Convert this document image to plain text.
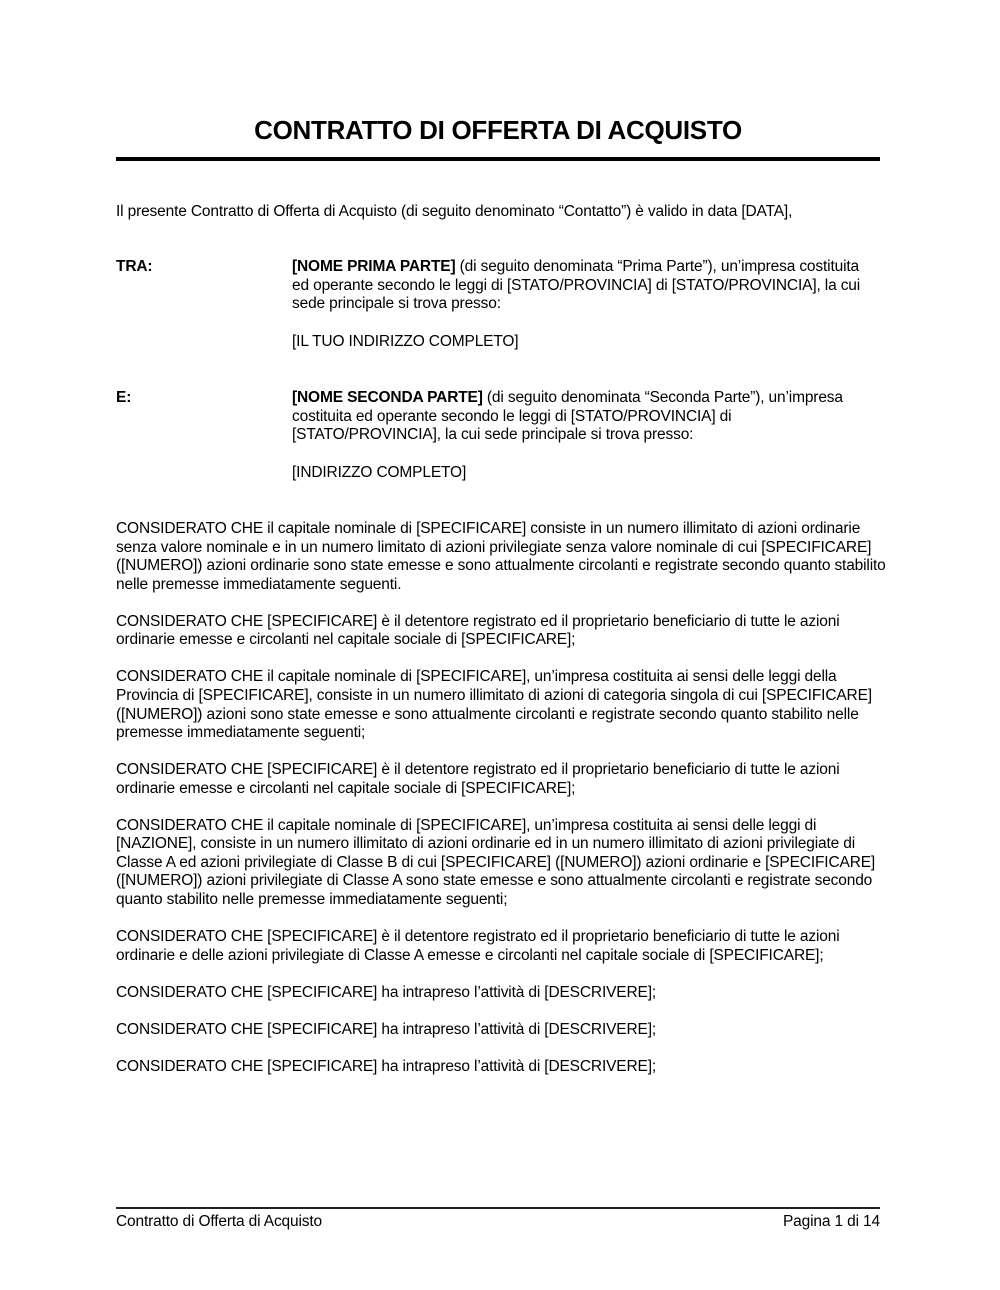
CONTRATTO DI OFFERTA DI ACQUISTO

Il presente Contratto di Offerta di Acquisto (di seguito denominato “Contatto”) è valido in data [DATA],

TRA:	[NOME PRIMA PARTE] (di seguito denominata “Prima Parte”), un’impresa costituita ed operante secondo le leggi di [STATO/PROVINCIA] di [STATO/PROVINCIA], la cui sede principale si trova presso:

[IL TUO INDIRIZZO COMPLETO]

E:	[NOME SECONDA PARTE] (di seguito denominata “Seconda Parte”), un’impresa costituita ed operante secondo le leggi di [STATO/PROVINCIA] di [STATO/PROVINCIA], la cui sede principale si trova presso:

[INDIRIZZO COMPLETO]

CONSIDERATO CHE il capitale nominale di [SPECIFICARE] consiste in un numero illimitato di azioni ordinarie senza valore nominale e in un numero limitato di azioni privilegiate senza valore nominale di cui [SPECIFICARE] ([NUMERO]) azioni ordinarie sono state emesse e sono attualmente circolanti e registrate secondo quanto stabilito nelle premesse immediatamente seguenti.

CONSIDERATO CHE [SPECIFICARE] è il detentore registrato ed il proprietario beneficiario di tutte le azioni ordinarie emesse e circolanti nel capitale sociale di [SPECIFICARE];

CONSIDERATO CHE il capitale nominale di [SPECIFICARE], un’impresa costituita ai sensi delle leggi della Provincia di [SPECIFICARE], consiste in un numero illimitato di azioni di categoria singola di cui [SPECIFICARE] ([NUMERO]) azioni sono state emesse e sono attualmente circolanti e registrate secondo quanto stabilito nelle premesse immediatamente seguenti;

CONSIDERATO CHE [SPECIFICARE] è il detentore registrato ed il proprietario beneficiario di tutte le azioni ordinarie emesse e circolanti nel capitale sociale di [SPECIFICARE];

CONSIDERATO CHE il capitale nominale di [SPECIFICARE], un’impresa costituita ai sensi delle leggi di [NAZIONE], consiste in un numero illimitato di azioni ordinarie ed in un numero illimitato di azioni privilegiate di Classe A ed azioni privilegiate di Classe B di cui [SPECIFICARE] ([NUMERO]) azioni ordinarie e [SPECIFICARE] ([NUMERO]) azioni privilegiate di Classe A sono state emesse e sono attualmente circolanti e registrate secondo quanto stabilito nelle premesse immediatamente seguenti;

CONSIDERATO CHE [SPECIFICARE] è il detentore registrato ed il proprietario beneficiario di tutte le azioni ordinarie e delle azioni privilegiate di Classe A emesse e circolanti nel capitale sociale di [SPECIFICARE];

CONSIDERATO CHE [SPECIFICARE] ha intrapreso l’attività di [DESCRIVERE];

CONSIDERATO CHE [SPECIFICARE] ha intrapreso l’attività di [DESCRIVERE];

CONSIDERATO CHE [SPECIFICARE] ha intrapreso l’attività di [DESCRIVERE];

Contratto di Offerta di Acquisto	Pagina 1 di 14
